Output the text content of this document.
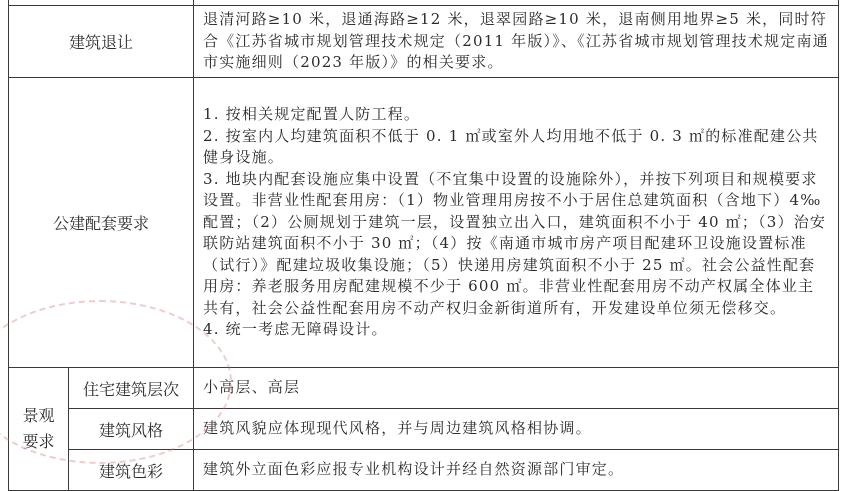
建筑退让		退清河路≥10 米，退通海路≥12 米，退翠园路≥10 米，退南侧用地界≥5 米，同时符合《江苏省城市规划管理技术规定（2011 年版）》、《江苏省城市规划管理技术规定南通市实施细则（2023 年版）》的相关要求。

公建配套要求		1. 按相关规定配置人防工程。

2. 按室内人均建筑面积不低于 0. 1 ㎡或室外人均用地不低于 0. 3 ㎡的标准配建公共健身设施。

3. 地块内配套设施应集中设置（不宜集中设置的设施除外），并按下列项目和规模要求设置。非营业性配套用房：（1）物业管理用房按不小于居住总建筑面积（含地下）4‰配置；（2）公厕规划于建筑一层，设置独立出入口，建筑面积不小于 40 ㎡；（3）治安联防站建筑面积不小于 30 ㎡；（4）按《南通市城市房产项目配建环卫设施设置标准（试行）》配建垃圾收集设施；（5）快递用房建筑面积不小于 25 ㎡。社会公益性配套用房：养老服务用房配建规模不少于 600 ㎡。非营业性配套用房不动产权属全体业主共有，社会公益性配套用房不动产权归金新街道所有，开发建设单位须无偿移交。

4. 统一考虑无障碍设计。

景观
要求	住宅建筑层次	小高层、高层
	建筑风格	建筑风貌应体现现代风格，并与周边建筑风格相协调。
	建筑色彩	建筑外立面色彩应报专业机构设计并经自然资源部门审定。
